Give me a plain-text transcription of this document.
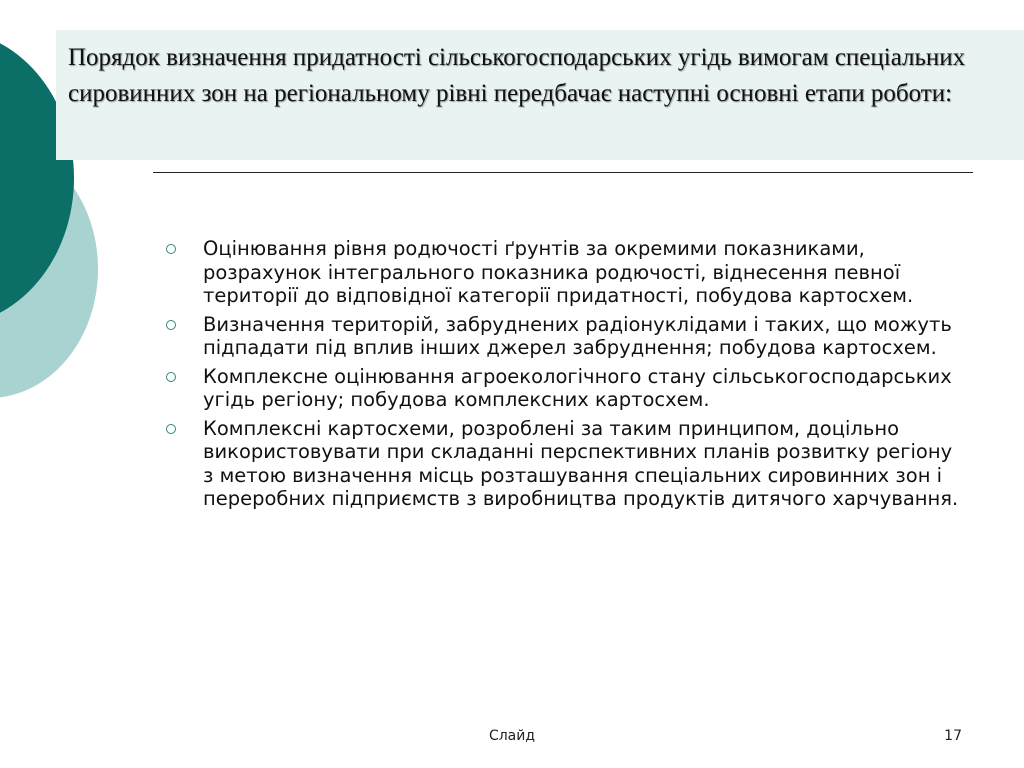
Порядок визначення придатності сільськогосподарських угідь вимогам спеціальних сировинних зон на регіональному рівні передбачає наступні основні етапи роботи:
Оцінювання рівня родючості ґрунтів за окремими показниками, розрахунок інтегрального показника родючості, віднесення певної території до відповідної категорії придатності, побудова картосхем.
Визначення територій, забруднених радіонуклідами і таких, що можуть підпадати під вплив інших джерел забруднення; побудова картосхем.
Комплексне оцінювання агроекологічного стану сільськогосподарських угідь регіону; побудова комплексних картосхем.
Комплексні картосхеми, розроблені за таким принципом, доцільно використовувати при складанні перспективних планів розвитку регіону з метою визначення місць розташування спеціальних сировинних зон і переробних підприємств з виробництва продуктів дитячого харчування.
Слайд	17
